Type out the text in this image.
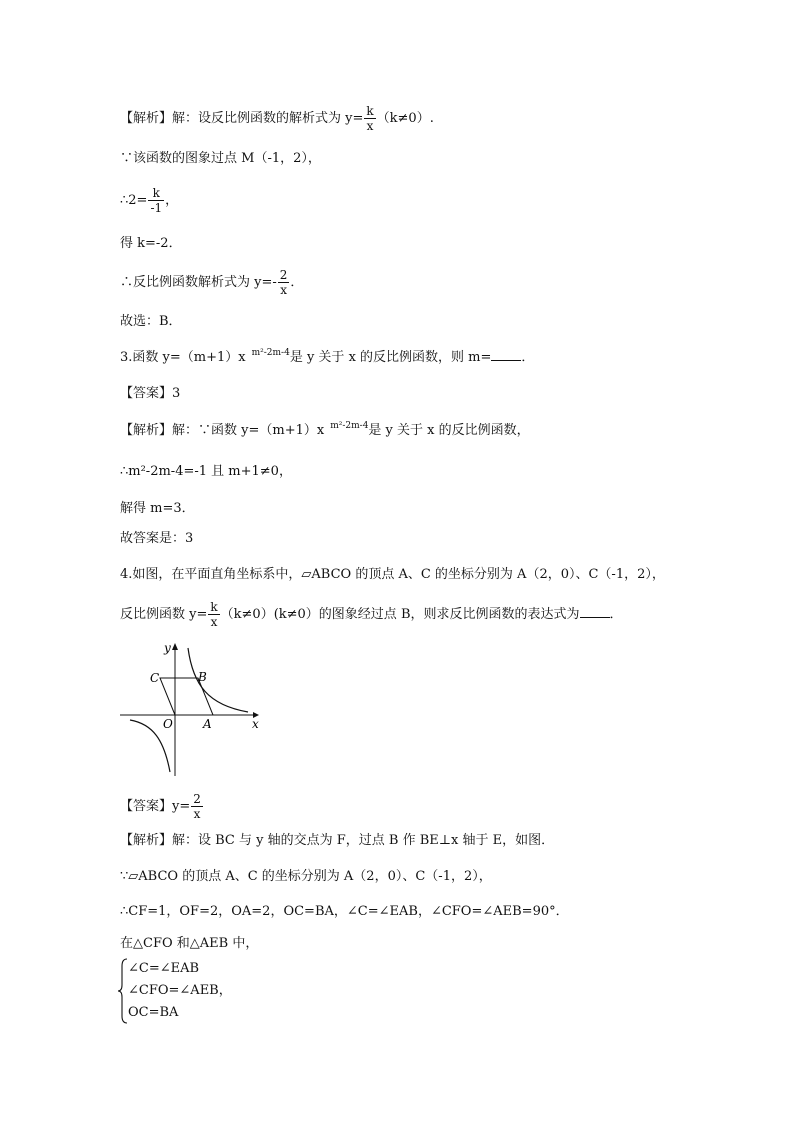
【解析】解：设反比例函数的解析式为 $y= \frac{k}{x} (k\ne 0)$.
∵该函数的图象过点 M（-1，2），
∴2= $\frac{k}{-1}$ ，
得 k=-2．
∴反比例函数解析式为 $y=- \frac{2}{x}$ ．
故选：B．
3.函数 y=（m+1）x $^{m^2-2m-4}$是 y 关于 x 的反比例函数，则 m= ．
【答案】3
【解析】解：∵函数 y=（m+1）x $^{m^2-2m-4}$是 y 关于 x 的反比例函数，
∴m²-2m-4=-1 且 m+1≠0，
解得 m=3．
故答案是：3
4.如图，在平面直角坐标系中，▱ABCO 的顶点 A、C 的坐标分别为 A（2，0）、C（-1，2），
反比例函数 $y= \frac{k}{x} (k\ne 0)(k\ne 0)$的图象经过点 B，则求反比例函数的表达式为 ．
y
x
C	B
O	A
【答案】$y= \frac{2}{x}$
【解析】解：设 BC 与 y 轴的交点为 F，过点 B 作 BE⊥x 轴于 E，如图．
∵▱ABCO 的顶点 A、C 的坐标分别为 A（2，0）、C（-1，2），
∴CF=1，OF=2，OA=2，OC=BA，∠C=∠EAB，∠CFO=∠AEB=90°．
在△CFO 和△AEB 中，
∠C=∠EAB
∠CFO=∠AEB，
OC=BA
